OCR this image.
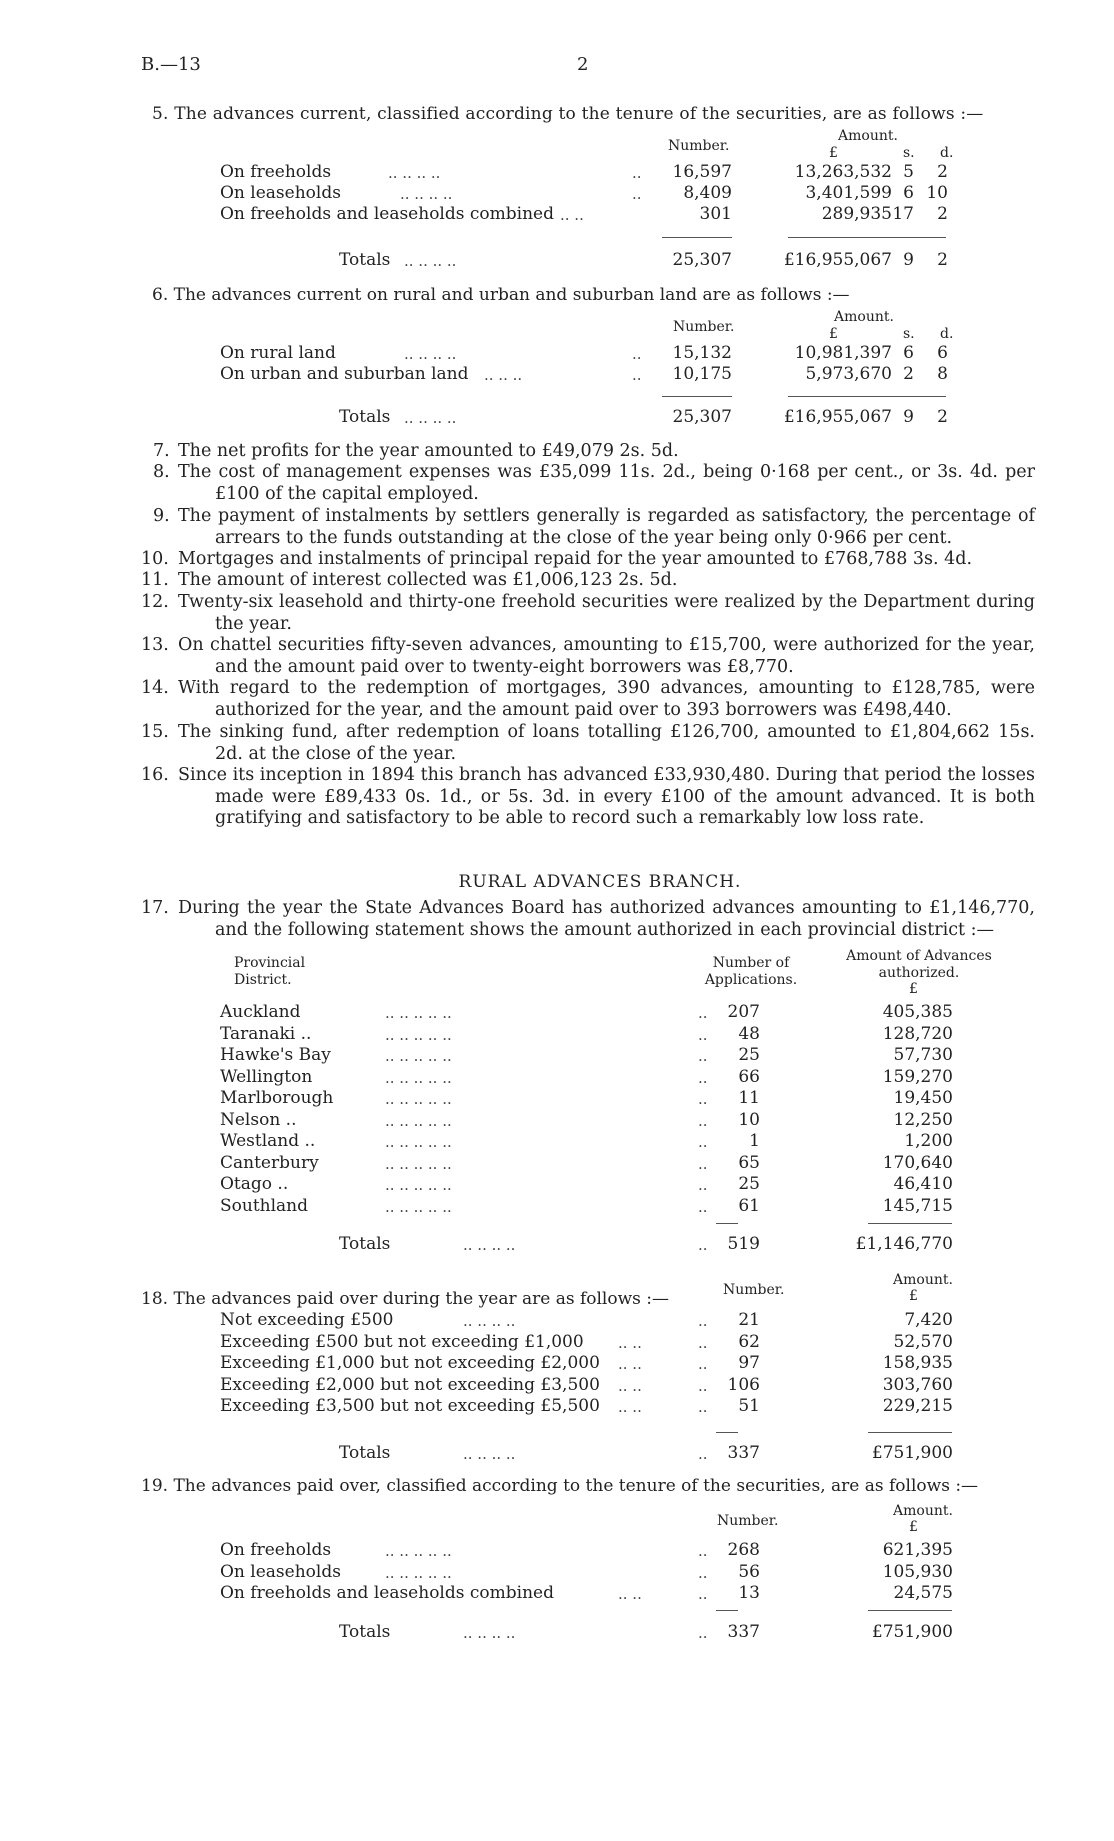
B.—13	2
5. The advances current, classified according to the tenure of the securities, are as follows :—
Number.
Amount.
£	s. d.
On freeholds	.. .. .. ..	..	16,597	13,263,532 5	2
On leaseholds	.. .. .. ..	..	8,409	3,401,599 6 10
On freeholds and leaseholds combined .. ..	301	289,935 17	2
Totals .. .. .. ..	25,307	£16,955,067 9	2
6. The advances current on rural and urban and suburban land are as follows :—
Number.
Amount.
£	s. d.
On rural land	.. .. .. ..	..	15,132	10,981,397 6	6
On urban and suburban land .. .. ..	..	10,175	5,973,670 2	8
Totals .. .. .. ..	25,307	£16,955,067 9	2
7. The net profits for the year amounted to £49,079 2s. 5d.
8. The cost of management expenses was £35,099 11s. 2d., being 0·168 per cent., or 3s. 4d. per £100 of the capital employed.
9. The payment of instalments by settlers generally is regarded as satisfactory, the percentage of arrears to the funds outstanding at the close of the year being only 0·966 per cent.
10. Mortgages and instalments of principal repaid for the year amounted to £768,788 3s. 4d.
11. The amount of interest collected was £1,006,123 2s. 5d.
12. Twenty-six leasehold and thirty-one freehold securities were realized by the Department during the year.
13. On chattel securities fifty-seven advances, amounting to £15,700, were authorized for the year, and the amount paid over to twenty-eight borrowers was £8,770.
14. With regard to the redemption of mortgages, 390 advances, amounting to £128,785, were authorized for the year, and the amount paid over to 393 borrowers was £498,440.
15. The sinking fund, after redemption of loans totalling £126,700, amounted to £1,804,662 15s. 2d. at the close of the year.
16. Since its inception in 1894 this branch has advanced £33,930,480. During that period the losses made were £89,433 0s. 1d., or 5s. 3d. in every £100 of the amount advanced. It is both gratifying and satisfactory to be able to record such a remarkably low loss rate.
RURAL ADVANCES BRANCH.
17. During the year the State Advances Board has authorized advances amounting to £1,146,770, and the following statement shows the amount authorized in each provincial district :—
Provincial District.
Number of Applications.
Amount of Advances authorized.
£
Auckland	.. .. .. .. ..	..	207	405,385
Taranaki ..	.. .. .. .. ..	..	48	128,720
Hawke's Bay	.. .. .. .. ..	..	25	57,730
Wellington	.. .. .. .. ..	..	66	159,270
Marlborough	.. .. .. .. ..	..	11	19,450
Nelson ..	.. .. .. .. ..	..	10	12,250
Westland ..	.. .. .. .. ..	..	1	1,200
Canterbury	.. .. .. .. ..	..	65	170,640
Otago ..	.. .. .. .. ..	..	25	46,410
Southland	.. .. .. .. ..	..	61	145,715
Totals	.. .. .. ..	..	519	£1,146,770
Number.
Amount.
£
18. The advances paid over during the year are as follows :—
Not exceeding £500	.. .. .. ..	..	21	7,420
Exceeding £500 but not exceeding £1,000 .. ..	..	62	52,570
Exceeding £1,000 but not exceeding £2,000 .. ..	..	97	158,935
Exceeding £2,000 but not exceeding £3,500 .. ..	..	106	303,760
Exceeding £3,500 but not exceeding £5,500 .. ..	..	51	229,215
Totals	.. .. .. ..	..	337	£751,900
19. The advances paid over, classified according to the tenure of the securities, are as follows :—
Amount.
£
Number.
On freeholds	.. .. .. .. ..	..	268	621,395
On leaseholds	.. .. .. .. ..	..	56	105,930
On freeholds and leaseholds combined	.. ..	..	13	24,575
Totals	.. .. .. ..	..	337	£751,900
